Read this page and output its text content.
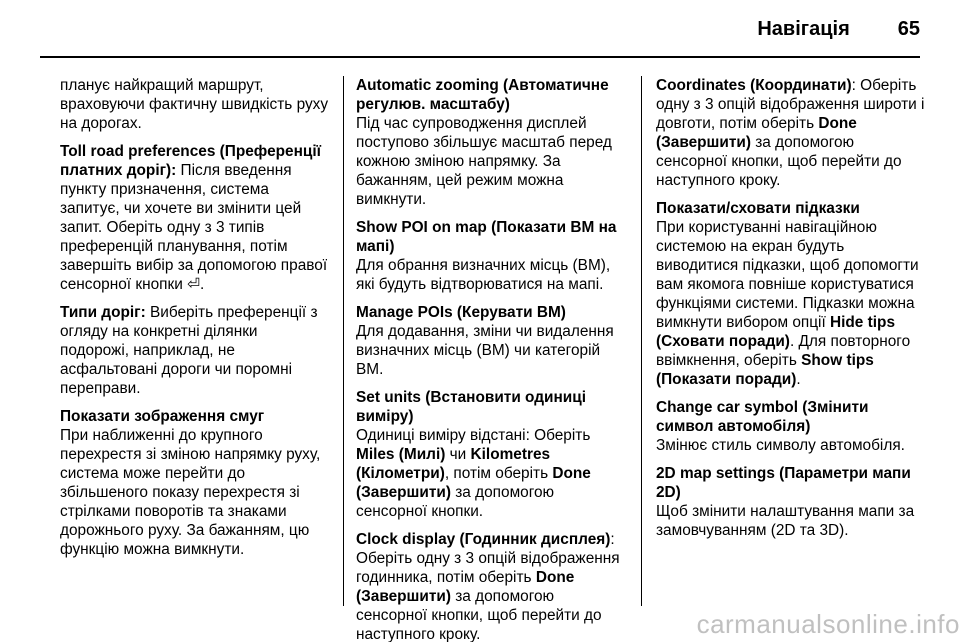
Навігація 65
планує найкращий маршрут, враховуючи фактичну швидкість руху на дорогах.
Toll road preferences (Преференції платних доріг): Після введення пункту призначення, система запитує, чи хочете ви змінити цей запит. Оберіть одну з 3 типів преференцій планування, потім завершіть вибір за допомогою правої сенсорної кнопки ⏎.
Типи доріг: Виберіть преференції з огляду на конкретні ділянки подорожі, наприклад, не асфальтовані дороги чи поромні переправи.
Показати зображення смуг
При наближенні до крупного перехрестя зі зміною напрямку руху, система може перейти до збільшеного показу перехрестя зі стрілками поворотів та знаками дорожнього руху. За бажанням, цю функцію можна вимкнути.
Automatic zooming (Автоматичне регулюв. масштабу)
Під час супроводження дисплей поступово збільшує масштаб перед кожною зміною напрямку. За бажанням, цей режим можна вимкнути.
Show POI on map (Показати ВМ на мапі)
Для обрання визначних місць (ВМ), які будуть відтворюватися на мапі.
Manage POIs (Керувати ВМ)
Для додавання, зміни чи видалення визначних місць (ВМ) чи категорій ВМ.
Set units (Встановити одиниці виміру)
Одиниці виміру відстані: Оберіть Miles (Милі) чи Kilometres (Кілометри), потім оберіть Done (Завершити) за допомогою сенсорної кнопки.
Clock display (Годинник дисплея): Оберіть одну з 3 опцій відображення годинника, потім оберіть Done (Завершити) за допомогою сенсорної кнопки, щоб перейти до наступного кроку.
Coordinates (Координати): Оберіть одну з 3 опцій відображення широти і довготи, потім оберіть Done (Завершити) за допомогою сенсорної кнопки, щоб перейти до наступного кроку.
Показати/сховати підказки
При користуванні навігаційною системою на екран будуть виводитися підказки, щоб допомогти вам якомога повніше користуватися функціями системи. Підказки можна вимкнути вибором опції Hide tips (Сховати поради). Для повторного ввімкнення, оберіть Show tips (Показати поради).
Change car symbol (Змінити символ автомобіля)
Змінює стиль символу автомобіля.
2D map settings (Параметри мапи 2D)
Щоб змінити налаштування мапи за замовчуванням (2D та 3D).
carmanualsonline.info
